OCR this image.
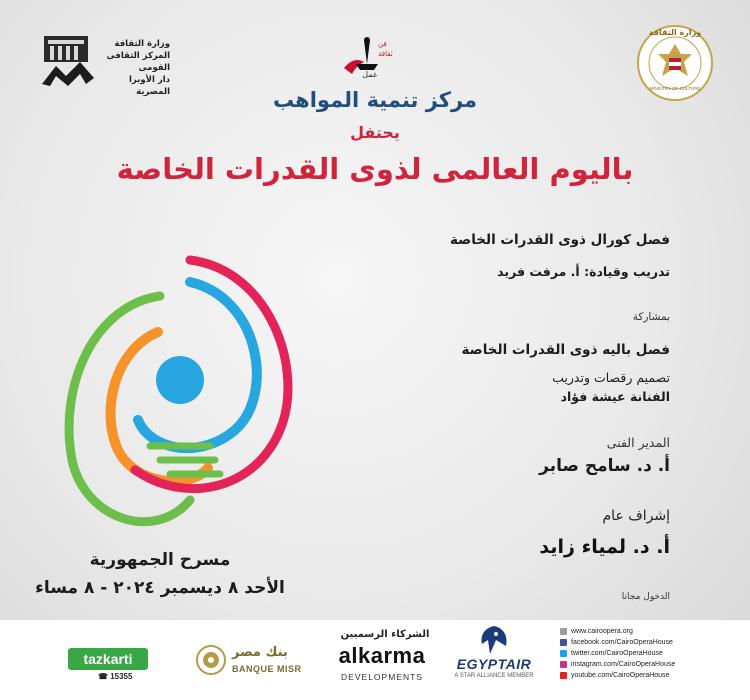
وزارة الثقافة
المركز الثقافى القومى
دار الأوبرا المصرية
فن
ثقافة
عمل
وزارة الثقافة
MINISTRY OF CULTURE
مركز تنمية المواهب
يحتفل
باليوم العالمى لذوى القدرات الخاصة
فصل كورال ذوى القدرات الخاصة
تدريب وقيادة: أ. مرفت فريد
بمشاركة
فصل باليه ذوى القدرات الخاصة
تصميم رقصات وتدريب
الفنانة عيشة فؤاد
المدير الفنى
أ. د. سامح صابر
إشراف عام
أ. د. لمياء زايد
الدخول مجانا
مسرح الجمهورية
الأحد ٨ ديسمبر ٢٠٢٤ - ٨ مساء
الشركاء الرسميين
tazkarti
☎ 15355
بنك مصر
BANQUE MISR
alkarma
DEVELOPMENTS
EGYPTAIR
A STAR ALLIANCE MEMBER
www.cairoopera.org
facebook.com/CairoOperaHouse
twitter.com/CairoOperaHouse
instagram.com/CairoOperaHouse
youtube.com/CairoOperaHouse
